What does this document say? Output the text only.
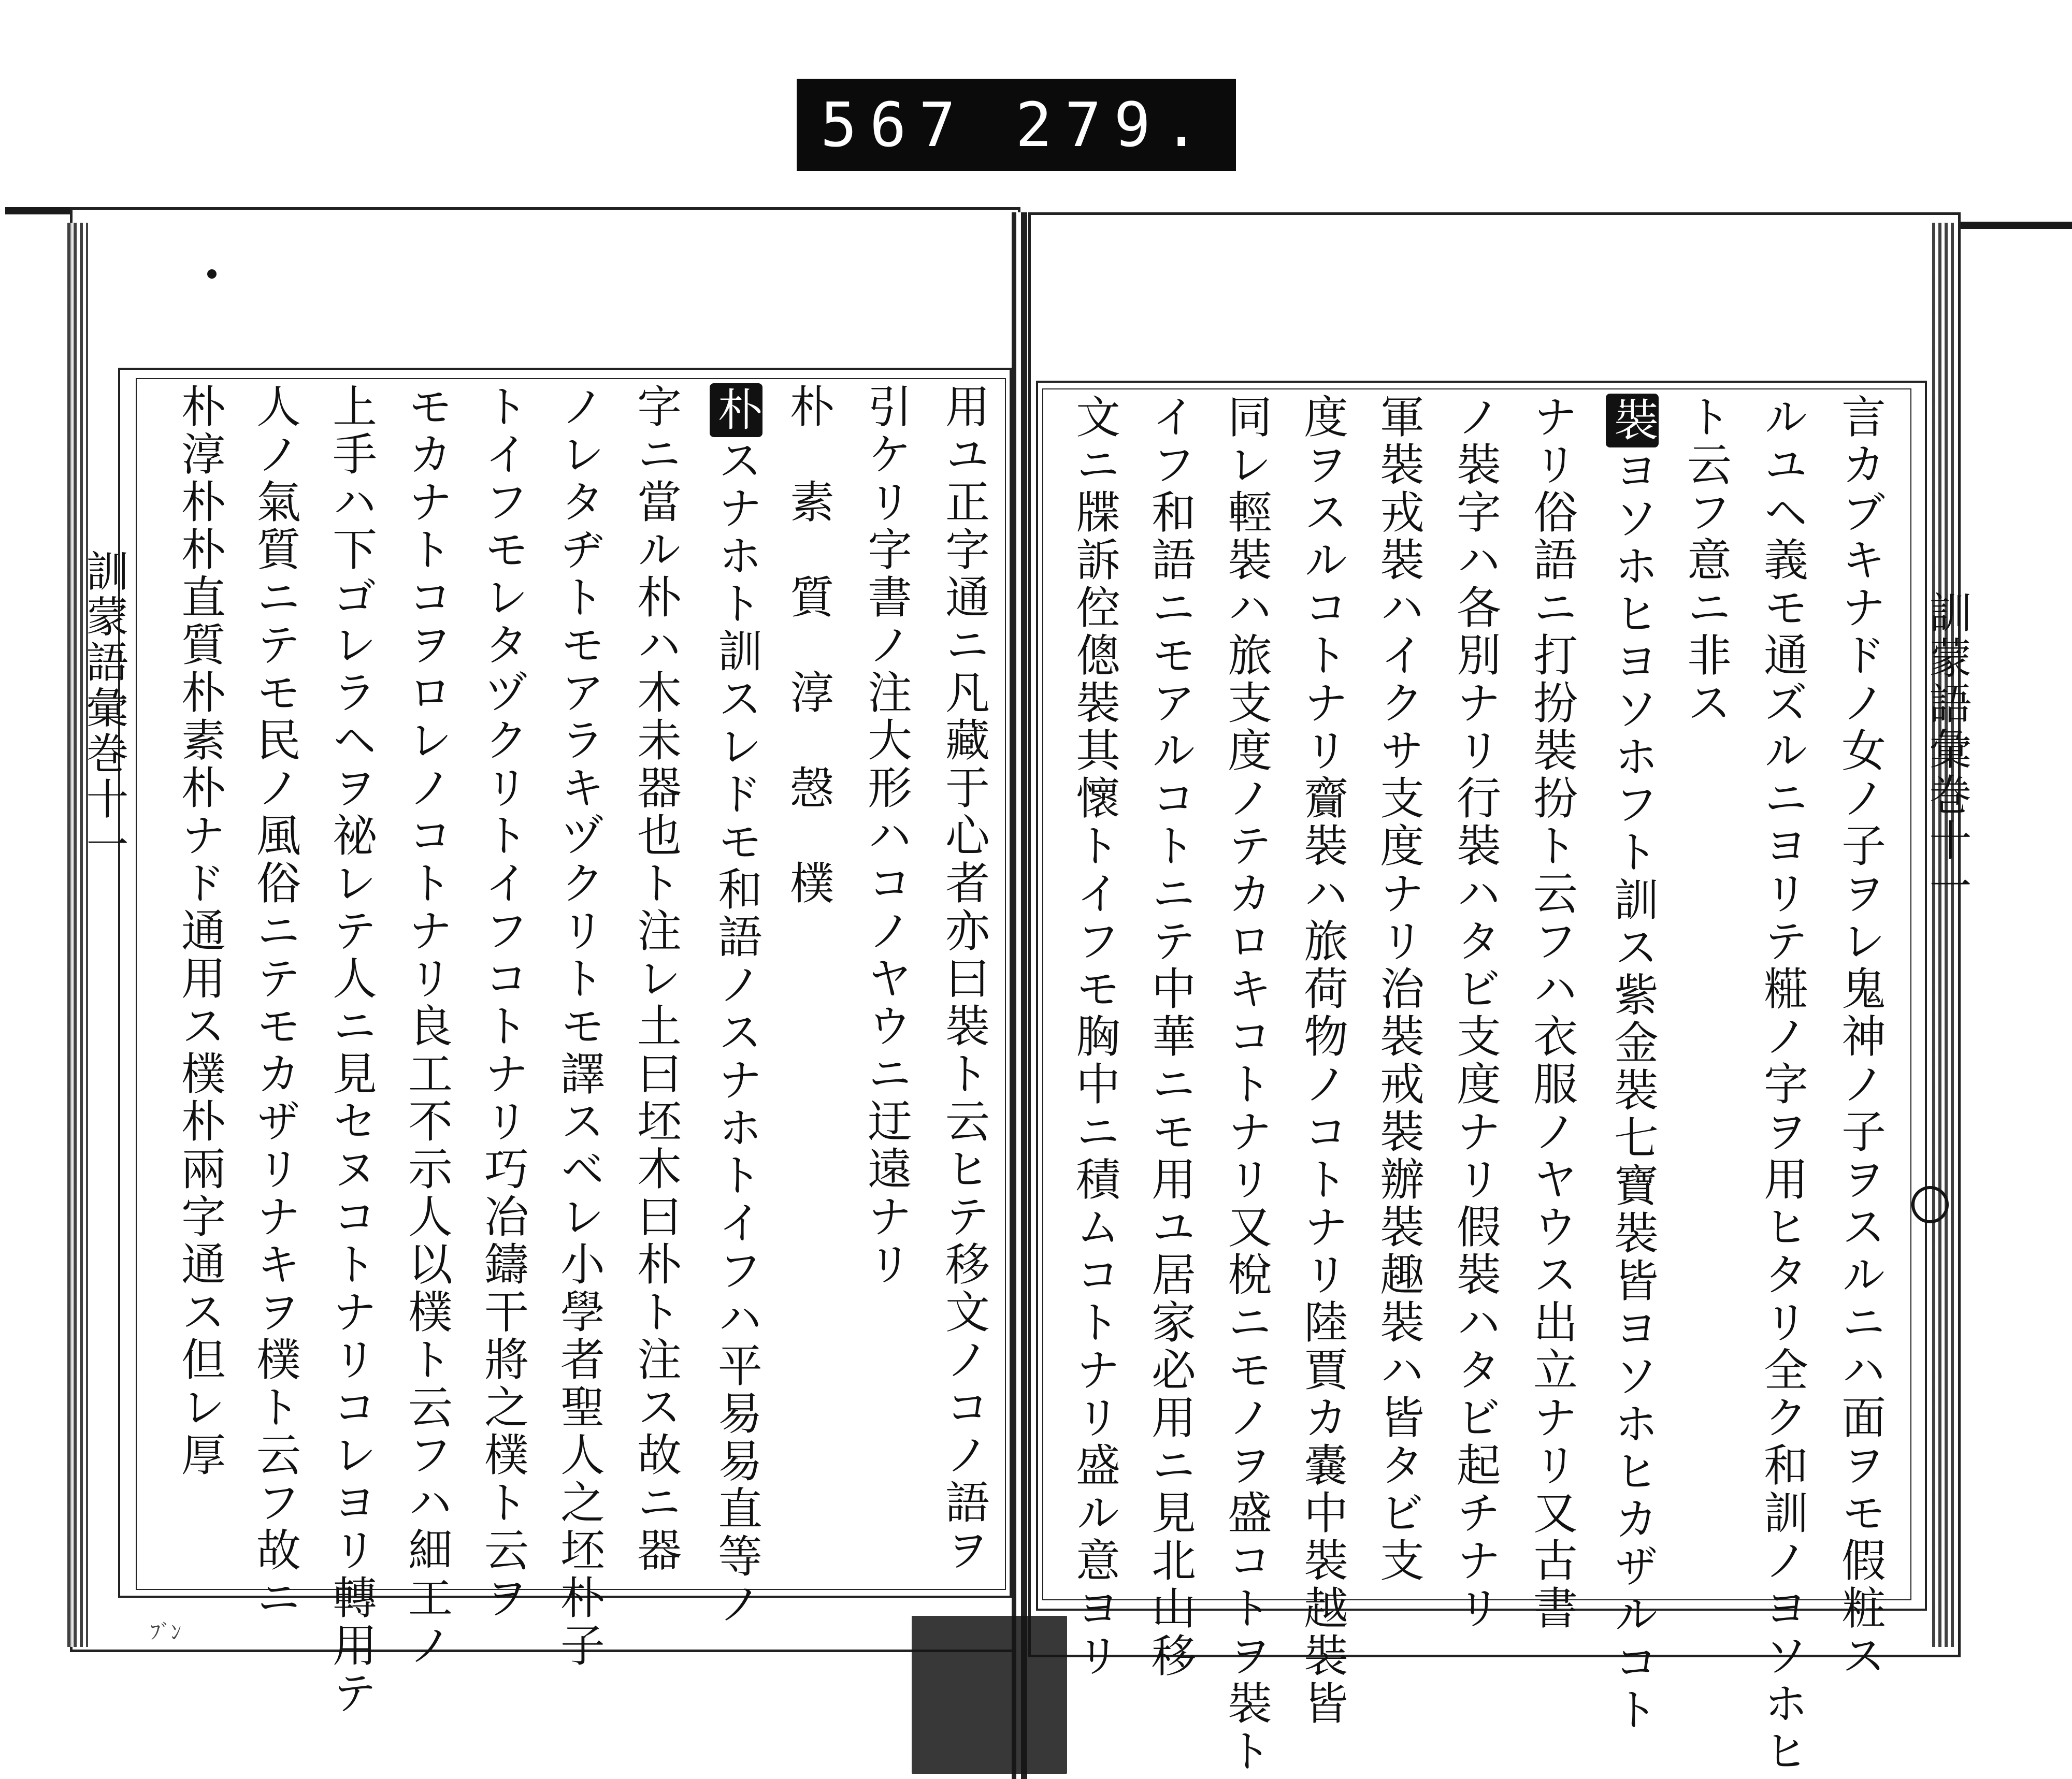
567 279.
訓蒙語彙巻十一
訓蒙語彙巻十一	言カブキナドノ女ノ子ヲレ鬼神ノ子ヲスルニハ面ヲモ假粧ス
ルユヘ義モ通ズルニヨリテ糚ノ字ヲ用ヒタリ全ク和訓ノヨソホヒ
ト云フ意ニ非ス
裝ヨソホヒヨソホフト訓ス紫金裝七寶裝皆ヨソホヒカザルコト
ナリ俗語ニ打扮裝扮ト云フハ衣服ノヤウス出立ナリ又古書
ノ裝字ハ各別ナリ行裝ハタビ支度ナリ假裝ハタビ起チナリ
軍裝戎裝ハイクサ支度ナリ治裝戒裝辦裝趣裝ハ皆タビ支
度ヲスルコトナリ齎裝ハ旅荷物ノコトナリ陸賈カ嚢中裝越裝皆
同レ輕裝ハ旅支度ノテカロキコトナリ又梲ニモノヲ盛コトヲ裝ト
イフ和語ニモアルコトニテ中華ニモ用ユ居家必用ニ見北山移
文ニ牒訴倥傯裝其懷トイフモ胸中ニ積ムコトナリ盛ル意ヨリ
用ユ正字通ニ凡藏于心者亦曰裝ト云ヒテ移文ノコノ語ヲ
引ケリ字書ノ注大形ハコノヤウニ迂遠ナリ
朴　素　質　淳　愨　樸
朴スナホト訓スレドモ和語ノスナホトイフハ平易易直等ノ
字ニ當ル朴ハ木未器也ト注レ土曰坯木曰朴ト注ス故ニ器
ノレタヂトモアラキヅクリトモ譯スベレ小學者聖人之坯朴子
トイフモレタヅクリトイフコトナリ巧冶鑄干將之樸ト云ヲ
モカナトコヲロレノコトナリ良工不示人以樸ト云フハ細工ノ
上手ハ下ゴレラヘヲ祕レテ人ニ見セヌコトナリコレヨリ轉用テ
人ノ氣質ニテモ民ノ風俗ニテモカザリナキヲ樸ト云フ故ニ
朴淳朴朴直質朴素朴ナド通用ス樸朴兩字通ス但レ厚
ﾌﾞﾝ
